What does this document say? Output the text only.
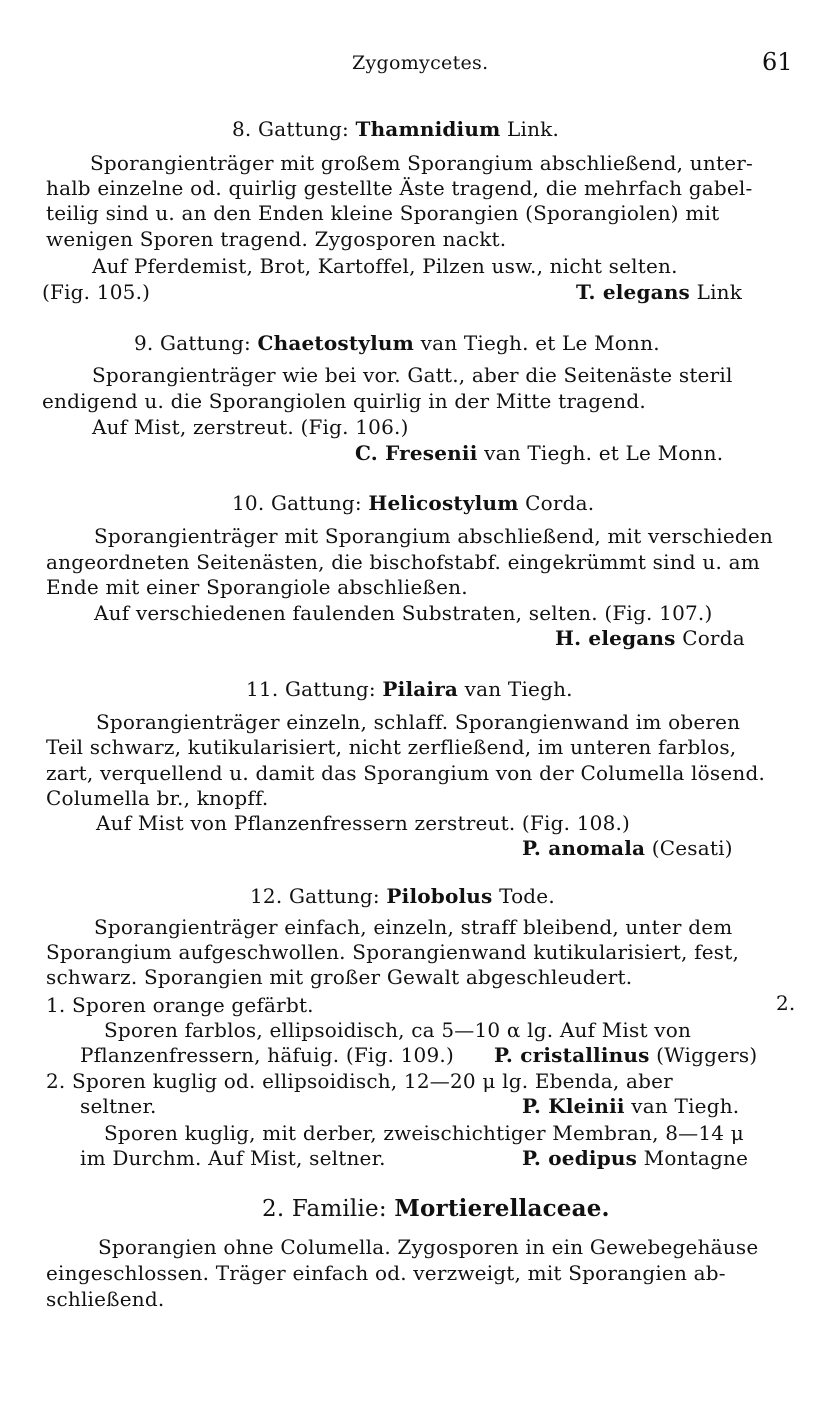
Zygomycetes.	61
8. Gattung: Thamnidium Link.
Sporangienträger mit großem Sporangium abschließend, unter-
halb einzelne od. quirlig gestellte Äste tragend, die mehrfach gabel-
teilig sind u. an den Enden kleine Sporangien (Sporangiolen) mit
wenigen Sporen tragend. Zygosporen nackt.
Auf Pferdemist, Brot, Kartoffel, Pilzen usw., nicht selten.
(Fig. 105.)	T. elegans Link
9. Gattung: Chaetostylum van Tiegh. et Le Monn.
Sporangienträger wie bei vor. Gatt., aber die Seitenäste steril
endigend u. die Sporangiolen quirlig in der Mitte tragend.
Auf Mist, zerstreut. (Fig. 106.)
C. Fresenii van Tiegh. et Le Monn.
10. Gattung: Helicostylum Corda.
Sporangienträger mit Sporangium abschließend, mit verschieden
angeordneten Seitenästen, die bischofstabf. eingekrümmt sind u. am
Ende mit einer Sporangiole abschließen.
Auf verschiedenen faulenden Substraten, selten. (Fig. 107.)
H. elegans Corda
11. Gattung: Pilaira van Tiegh.
Sporangienträger einzeln, schlaff. Sporangienwand im oberen
Teil schwarz, kutikularisiert, nicht zerfließend, im unteren farblos,
zart, verquellend u. damit das Sporangium von der Columella lösend.
Columella br., knopff.
Auf Mist von Pflanzenfressern zerstreut. (Fig. 108.)
P. anomala (Cesati)
12. Gattung: Pilobolus Tode.
Sporangienträger einfach, einzeln, straff bleibend, unter dem
Sporangium aufgeschwollen. Sporangienwand kutikularisiert, fest,
schwarz. Sporangien mit großer Gewalt abgeschleudert.
1. Sporen orange gefärbt.	2.
Sporen farblos, ellipsoidisch, ca 5—10 α lg. Auf Mist von
Pflanzenfressern, häfuig. (Fig. 109.) P. cristallinus (Wiggers)
2. Sporen kuglig od. ellipsoidisch, 12—20 μ lg. Ebenda, aber
seltner.	P. Kleinii van Tiegh.
Sporen kuglig, mit derber, zweischichtiger Membran, 8—14 μ
im Durchm. Auf Mist, seltner.	P. oedipus Montagne
2. Familie: Mortierellaceae.
Sporangien ohne Columella. Zygosporen in ein Gewebegehäuse
eingeschlossen. Träger einfach od. verzweigt, mit Sporangien ab-
schließend.
